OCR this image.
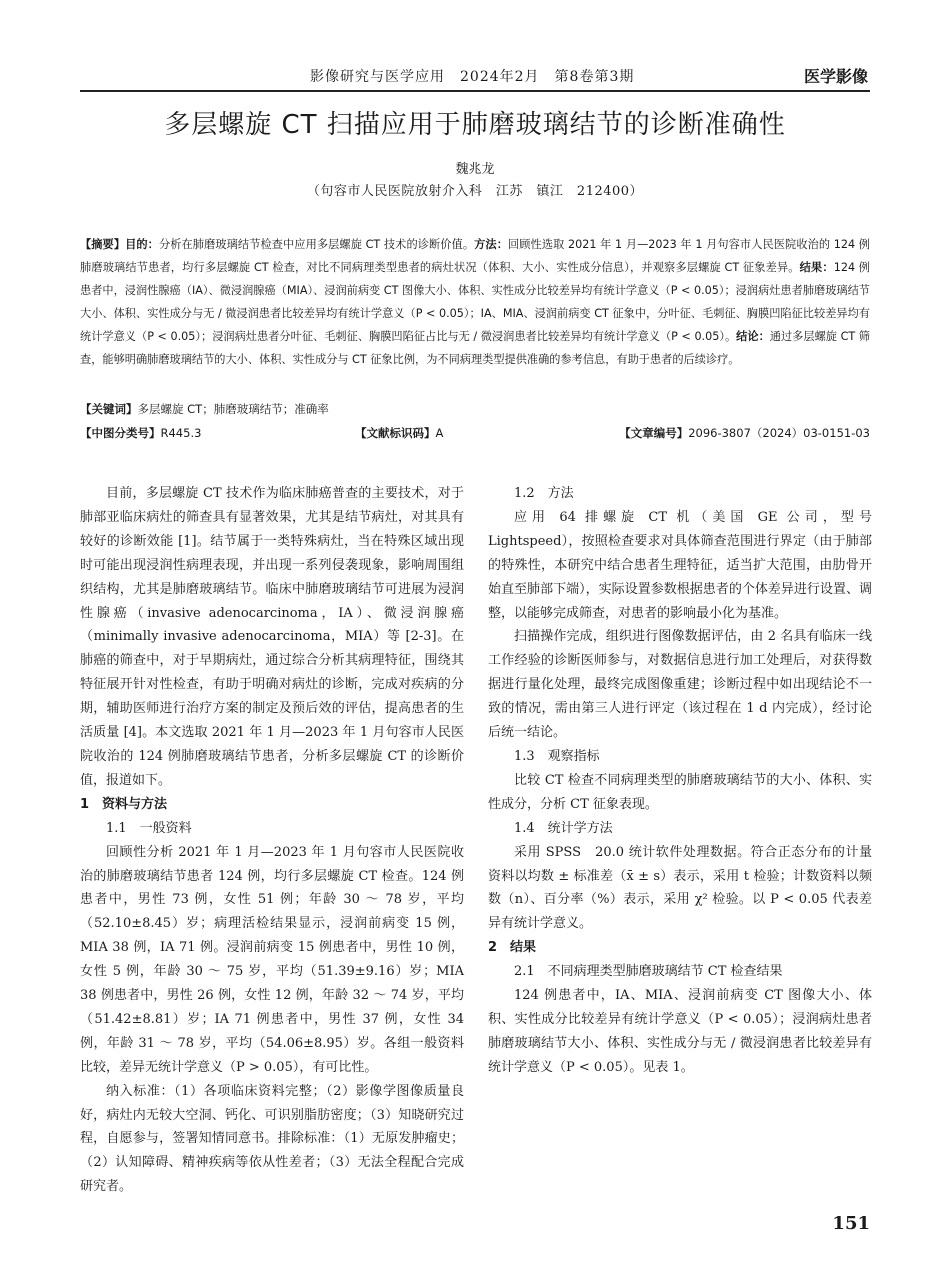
影像研究与医学应用　2024年2月　第8卷第3期	医学影像
多层螺旋 CT 扫描应用于肺磨玻璃结节的诊断准确性
魏兆龙
（句容市人民医院放射介入科　江苏　镇江　212400）
【摘要】目的：分析在肺磨玻璃结节检查中应用多层螺旋 CT 技术的诊断价值。方法：回顾性选取 2021 年 1 月—2023 年 1 月句容市人民医院收治的 124 例肺磨玻璃结节患者，均行多层螺旋 CT 检查，对比不同病理类型患者的病灶状况（体积、大小、实性成分信息），并观察多层螺旋 CT 征象差异。结果：124 例患者中，浸润性腺癌（IA）、微浸润腺癌（MIA）、浸润前病变 CT 图像大小、体积、实性成分比较差异均有统计学意义（P < 0.05）；浸润病灶患者肺磨玻璃结节大小、体积、实性成分与无 / 微浸润患者比较差异均有统计学意义（P < 0.05）；IA、MIA、浸润前病变 CT 征象中，分叶征、毛刺征、胸膜凹陷征比较差异均有统计学意义（P < 0.05）；浸润病灶患者分叶征、毛刺征、胸膜凹陷征占比与无 / 微浸润患者比较差异均有统计学意义（P < 0.05）。结论：通过多层螺旋 CT 筛查，能够明确肺磨玻璃结节的大小、体积、实性成分与 CT 征象比例，为不同病理类型提供准确的参考信息，有助于患者的后续诊疗。
【关键词】多层螺旋 CT；肺磨玻璃结节；准确率
【中图分类号】R445.3	【文献标识码】A	【文章编号】2096-3807（2024）03-0151-03

目前，多层螺旋 CT 技术作为临床肺癌普查的主要技术，对于肺部亚临床病灶的筛查具有显著效果，尤其是结节病灶，对其具有较好的诊断效能 [1]。结节属于一类特殊病灶，当在特殊区域出现时可能出现浸润性病理表现，并出现一系列侵袭现象，影响周围组织结构，尤其是肺磨玻璃结节。临床中肺磨玻璃结节可进展为浸润性腺癌（invasive adenocarcinoma，IA）、微浸润腺癌（minimally invasive adenocarcinoma，MIA）等 [2-3]。在肺癌的筛查中，对于早期病灶，通过综合分析其病理特征，围绕其特征展开针对性检查，有助于明确对病灶的诊断，完成对疾病的分期，辅助医师进行治疗方案的制定及预后效的评估，提高患者的生活质量 [4]。本文选取 2021 年 1 月—2023 年 1 月句容市人民医院收治的 124 例肺磨玻璃结节患者，分析多层螺旋 CT 的诊断价值，报道如下。

1　资料与方法
1.1　一般资料

回顾性分析 2021 年 1 月—2023 年 1 月句容市人民医院收治的肺磨玻璃结节患者 124 例，均行多层螺旋 CT 检查。124 例患者中，男性 73 例，女性 51 例；年龄 30 ～ 78 岁，平均（52.10±8.45）岁；病理活检结果显示，浸润前病变 15 例，MIA 38 例，IA 71 例。浸润前病变 15 例患者中，男性 10 例，女性 5 例，年龄 30 ～ 75 岁，平均（51.39±9.16）岁；MIA 38 例患者中，男性 26 例，女性 12 例，年龄 32 ～ 74 岁，平均（51.42±8.81）岁；IA 71 例患者中，男性 37 例，女性 34 例，年龄 31 ～ 78 岁，平均（54.06±8.95）岁。各组一般资料比较，差异无统计学意义（P > 0.05），有可比性。

纳入标准：（1）各项临床资料完整；（2）影像学图像质量良好，病灶内无较大空洞、钙化、可识别脂肪密度；（3）知晓研究过程，自愿参与，签署知情同意书。排除标准：（1）无原发肿瘤史；（2）认知障碍、精神疾病等依从性差者；（3）无法全程配合完成研究者。

1.2　方法

应用 64 排螺旋 CT 机（美国 GE 公司，型号 Lightspeed），按照检查要求对具体筛查范围进行界定（由于肺部的特殊性，本研究中结合患者生理特征，适当扩大范围，由肋骨开始直至肺部下端），实际设置参数根据患者的个体差异进行设置、调整，以能够完成筛查，对患者的影响最小化为基准。

扫描操作完成，组织进行图像数据评估，由 2 名具有临床一线工作经验的诊断医师参与，对数据信息进行加工处理后，对获得数据进行量化处理，最终完成图像重建；诊断过程中如出现结论不一致的情况，需由第三人进行评定（该过程在 1 d 内完成），经讨论后统一结论。

1.3　观察指标

比较 CT 检查不同病理类型的肺磨玻璃结节的大小、体积、实性成分，分析 CT 征象表现。

1.4　统计学方法

采用 SPSS　20.0 统计软件处理数据。符合正态分布的计量资料以均数 ± 标准差（x̄ ± s）表示，采用 t 检验；计数资料以频数（n）、百分率（%）表示，采用 χ² 检验。以 P < 0.05 代表差异有统计学意义。

2　结果
2.1　不同病理类型肺磨玻璃结节 CT 检查结果

124 例患者中，IA、MIA、浸润前病变 CT 图像大小、体积、实性成分比较差异有统计学意义（P < 0.05）；浸润病灶患者肺磨玻璃结节大小、体积、实性成分与无 / 微浸润患者比较差异有统计学意义（P < 0.05）。见表 1。

151
